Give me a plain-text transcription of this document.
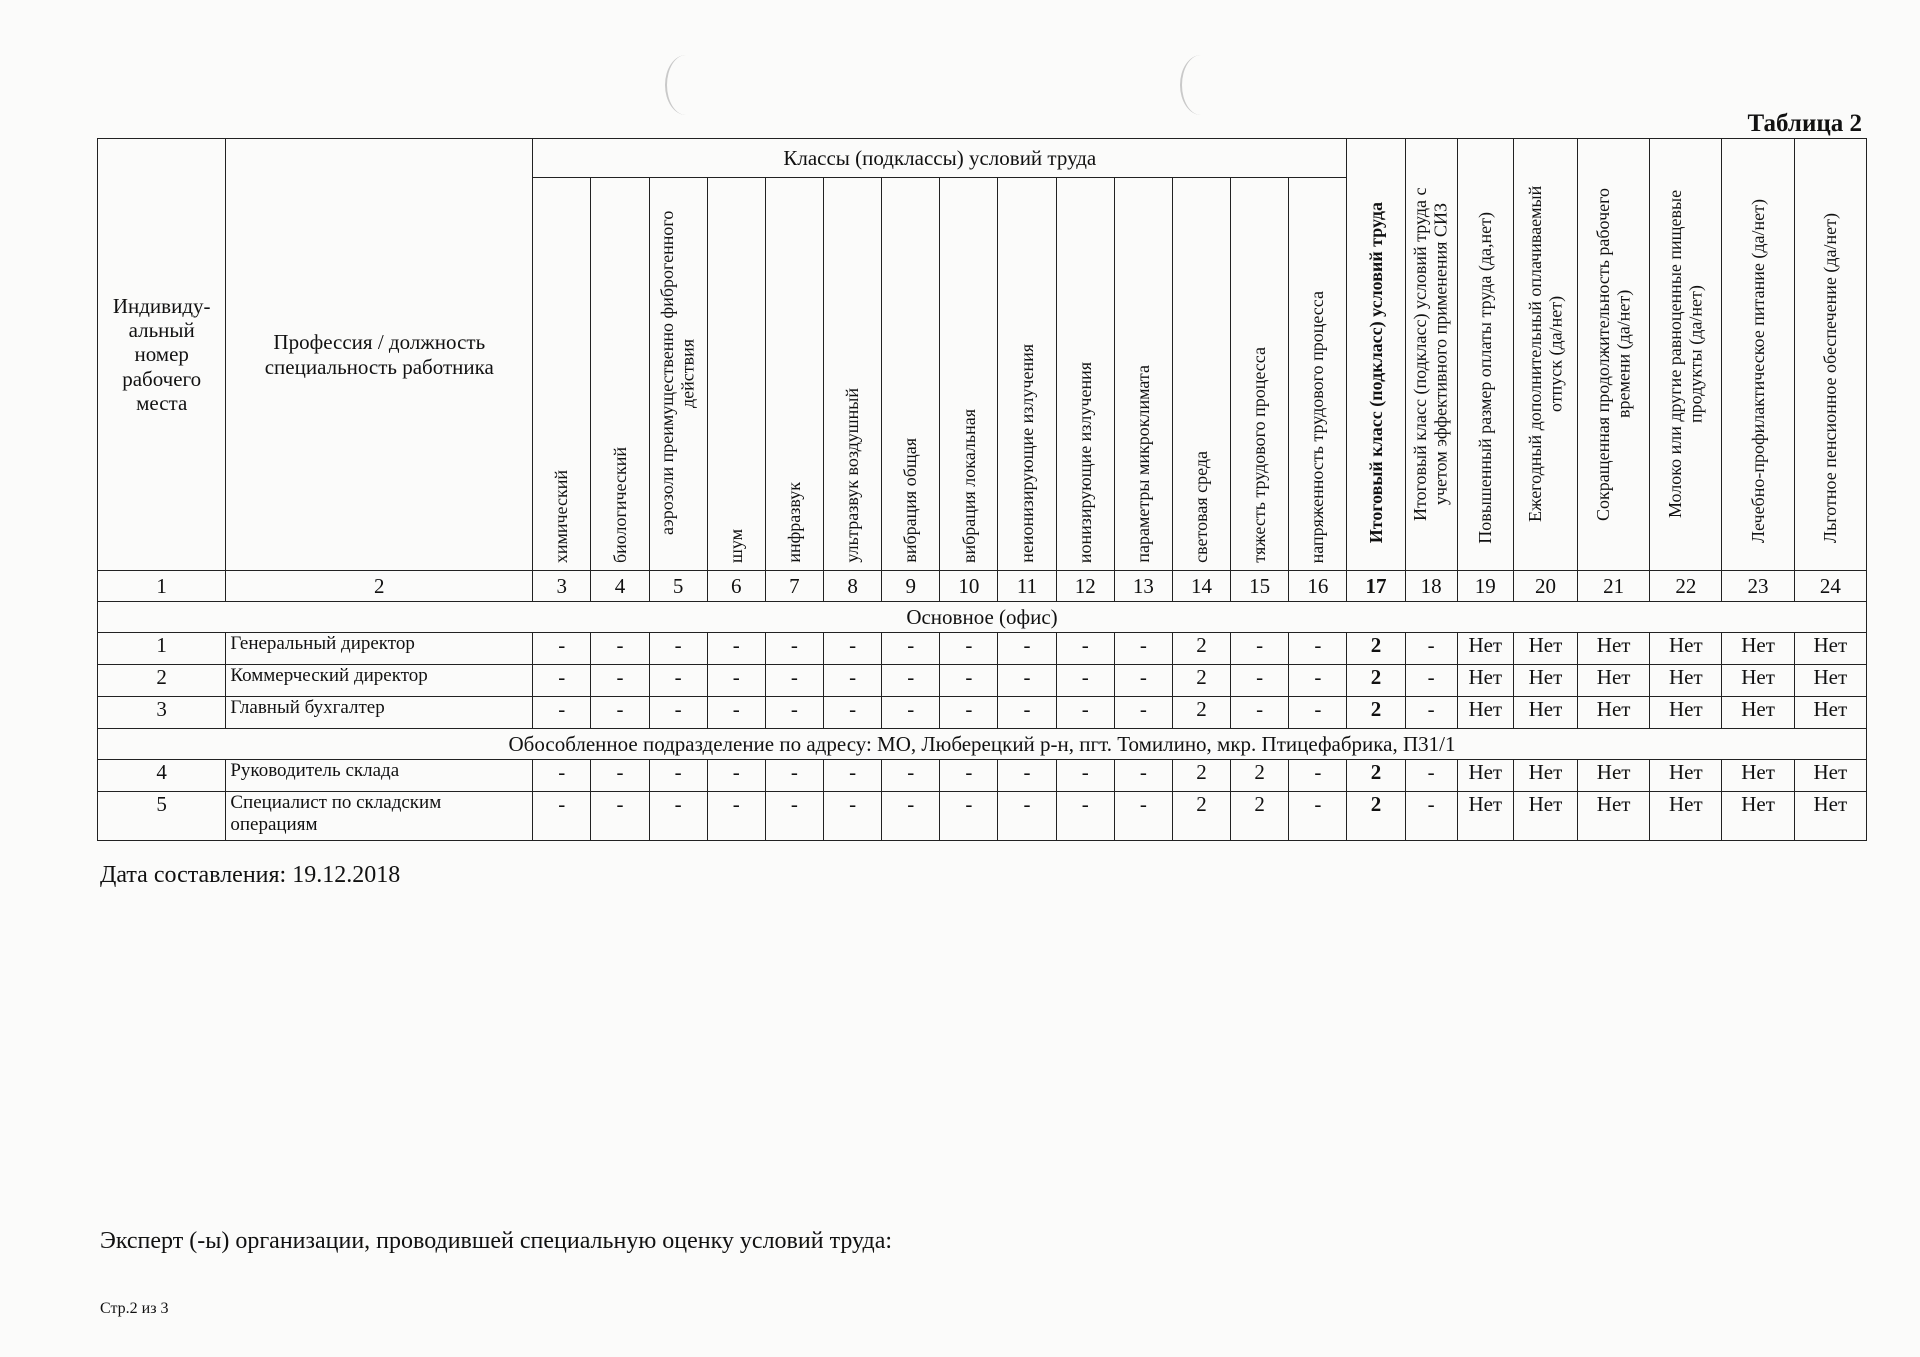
Таблица 2
Индивиду-альный номер рабочего места	Профессия / должность специальность работника	Классы (подклассы) условий труда														Итоговый класс (подкласс) условий труда	Итоговый класс (подкласс) условий труда с учетом эффективного применения СИЗ	Повышенный размер оплаты труда (да,нет)	Ежегодный дополнительный оплачиваемый отпуск (да/нет)	Сокращенная продолжительность рабочего времени (да/нет)	Молоко или другие равноценные пищевые продукты (да/нет)	Лечебно-профилактическое питание (да/нет)	Льготное пенсионное обеспечение (да/нет)

		химический	биологический	аэрозоли преимущественно фиброгенного действия	шум	инфразвук	ультразвук воздушный	вибрация общая	вибрация локальная	неионизирующие излучения	ионизирующие излучения	параметры микроклимата	световая среда	тяжесть трудового процесса	напряженность трудового процесса								

1	2	3	4	5	6	7	8	9	10	11	12	13	14	15	16	17	18	19	20	21	22	23	24
Основное (офис)																							
1	Генеральный директор	-	-	-	-	-	-	-	-	-	-	-	2	-	-	2	-	Нет	Нет	Нет	Нет	Нет	Нет
2	Коммерческий директор	-	-	-	-	-	-	-	-	-	-	-	2	-	-	2	-	Нет	Нет	Нет	Нет	Нет	Нет
3	Главный бухгалтер	-	-	-	-	-	-	-	-	-	-	-	2	-	-	2	-	Нет	Нет	Нет	Нет	Нет	Нет
Обособленное подразделение по адресу: МО, Люберецкий р-н, пгт. Томилино, мкр. Птицефабрика, П31/1																							
4	Руководитель склада	-	-	-	-	-	-	-	-	-	-	-	2	2	-	2	-	Нет	Нет	Нет	Нет	Нет	Нет
5	Специалист по складским операциям	-	-	-	-	-	-	-	-	-	-	-	2	2	-	2	-	Нет	Нет	Нет	Нет	Нет	Нет
Дата составления: 19.12.2018
Эксперт (-ы) организации, проводившей специальную оценку условий труда:
Стр.2 из 3
